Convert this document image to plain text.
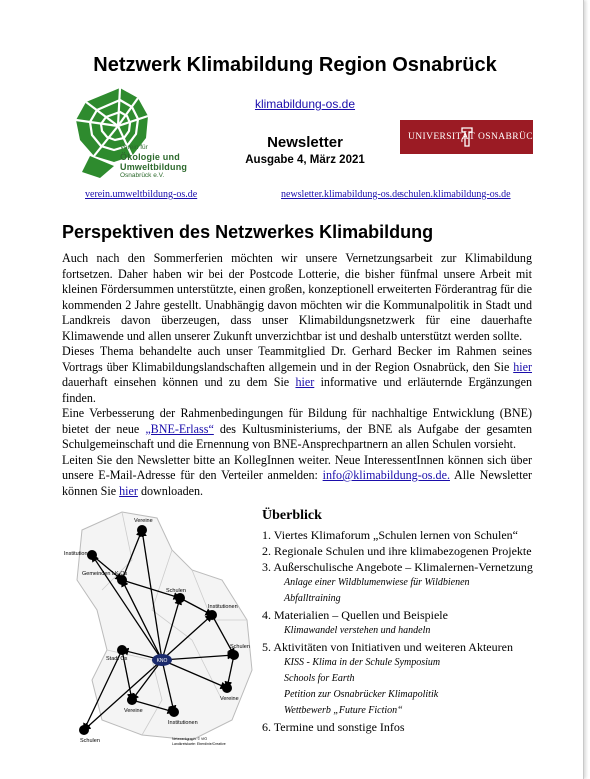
Netzwerk Klimabildung Region Osnabrück
Verein für
Ökologie und
Umweltbildung
Osnabrück e.V.
klimabildung-os.de
Newsletter
Ausgabe 4, März 2021
UNIVERSITÄT OSNABRÜCK
verein.umweltbildung-os.de	newsletter.klimabildung-os.de
schulen.klimabildung-os.de
Perspektiven des Netzwerkes Klimabildung

Auch nach den Sommerferien möchten wir unsere Vernetzungsarbeit zur Klimabildung fortsetzen. Daher haben wir bei der Postcode Lotterie, die bisher fünfmal unsere Arbeit mit kleinen Fördersummen unterstützte, einen großen, konzeptionell erweiterten Förderantrag für die kommenden 2 Jahre gestellt. Unabhängig davon möchten wir die Kommunalpolitik in Stadt und Landkreis davon überzeugen, dass unser Klimabildungsnetzwerk für eine dauerhafte Klimawende und allen unserer Zukunft unverzichtbar ist und deshalb unterstützt werden sollte.

Dieses Thema behandelte auch unser Teammitglied Dr. Gerhard Becker im Rahmen seines Vortrags über Klimabildungslandschaften allgemein und in der Region Osnabrück, den Sie hier dauerhaft einsehen können und zu dem Sie hier informative und erläuternde Ergänzungen finden.

Eine Verbesserung der Rahmenbedingungen für Bildung für nachhaltige Entwicklung (BNE) bietet der neue „BNE-Erlass“ des Kultusministeriums, der BNE als Aufgabe der gesamten Schulgemeinschaft und die Ernennung von BNE-Ansprechpartnern an allen Schulen vorsieht.

Leiten Sie den Newsletter bitte an KollegInnen weiter. Neue InteressentInnen können sich über unsere E-Mail-Adresse für den Verteiler anmelden: info@klimabildung-os.de. Alle Newsletter können Sie hier downloaden.

KNO
Vereine
Institutionen
Gemeinden LK Os
Schulen
Institutionen
Schulen
Stadt Os
Vereine
Schulen
Institutionen
Vereine
Netzwerkgraph: © VfÖ
Landkreiskarte: Eberdinie/Creative
Überblick
1. Viertes Klimaforum „Schulen lernen von Schulen“
2. Regionale Schulen und ihre klimabezogenen Projekte
3. Außerschulische Angebote – Klimalernen-Vernetzung
Anlage einer Wildblumenwiese für Wildbienen
Abfalltraining
4. Materialien – Quellen und Beispiele
Klimawandel verstehen und handeln
5. Aktivitäten von Initiativen und weiteren Akteuren
KISS - Klima in der Schule Symposium
Schools for Earth
Petition zur Osnabrücker Klimapolitik
Wettbewerb „Future Fiction“
6. Termine und sonstige Infos
